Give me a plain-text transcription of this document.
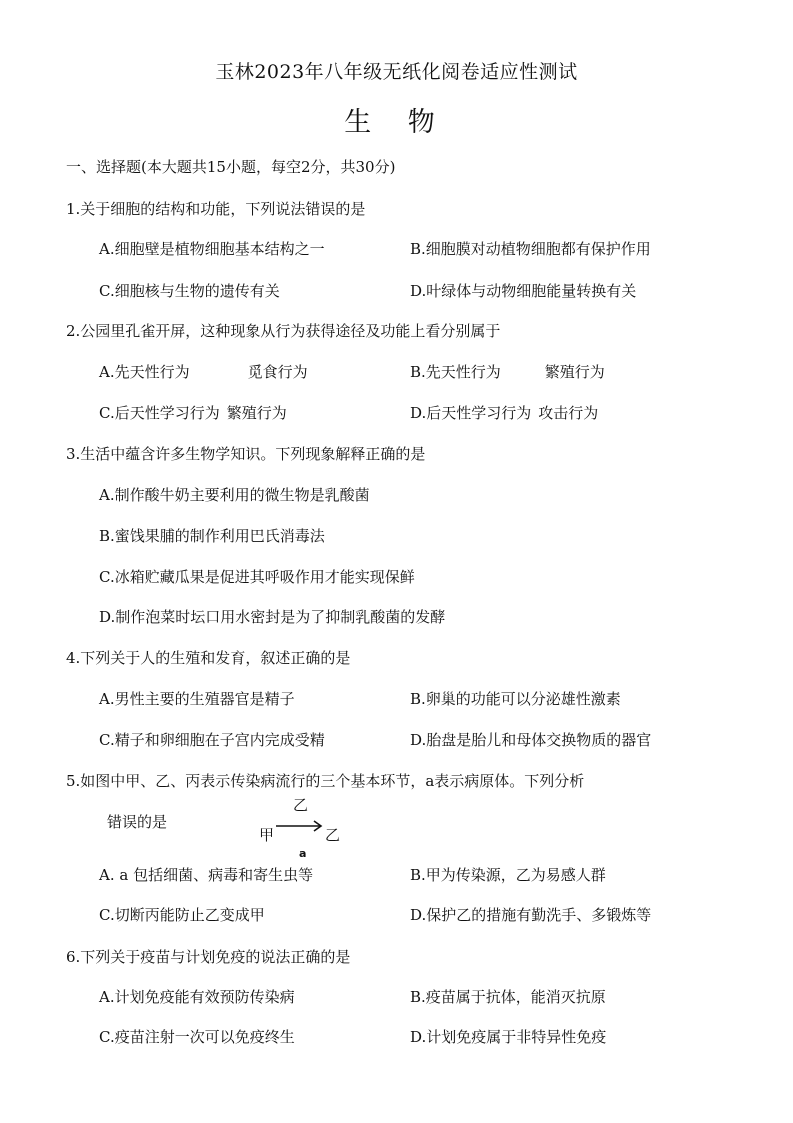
玉林2023年八年级无纸化阅卷适应性测试
生 物
一、选择题(本大题共15小题，每空2分，共30分)
1.关于细胞的结构和功能，下列说法错误的是
A.细胞壁是植物细胞基本结构之一	B.细胞膜对动植物细胞都有保护作用
C.细胞核与生物的遗传有关	D.叶绿体与动物细胞能量转换有关
2.公园里孔雀开屏，这种现象从行为获得途径及功能上看分别属于
A.先天性行为	觅食行为	B.先天性行为	繁殖行为
C.后天性学习行为 繁殖行为	D.后天性学习行为 攻击行为
3.生活中蕴含许多生物学知识。下列现象解释正确的是
A.制作酸牛奶主要利用的微生物是乳酸菌
B.蜜饯果脯的制作利用巴氏消毒法
C.冰箱贮藏瓜果是促进其呼吸作用才能实现保鲜
D.制作泡菜时坛口用水密封是为了抑制乳酸菌的发酵
4.下列关于人的生殖和发育，叙述正确的是
A.男性主要的生殖器官是精子	B.卵巢的功能可以分泌雄性激素
C.精子和卵细胞在子宫内完成受精	D.胎盘是胎儿和母体交换物质的器官
5.如图中甲、乙、丙表示传染病流行的三个基本环节，a表示病原体。下列分析
错误的是
乙
甲	乙
a
A. a 包括细菌、病毒和寄生虫等	B.甲为传染源，乙为易感人群
C.切断丙能防止乙变成甲	D.保护乙的措施有勤洗手、多锻炼等
6.下列关于疫苗与计划免疫的说法正确的是
A.计划免疫能有效预防传染病	B.疫苗属于抗体，能消灭抗原
C.疫苗注射一次可以免疫终生	D.计划免疫属于非特异性免疫
